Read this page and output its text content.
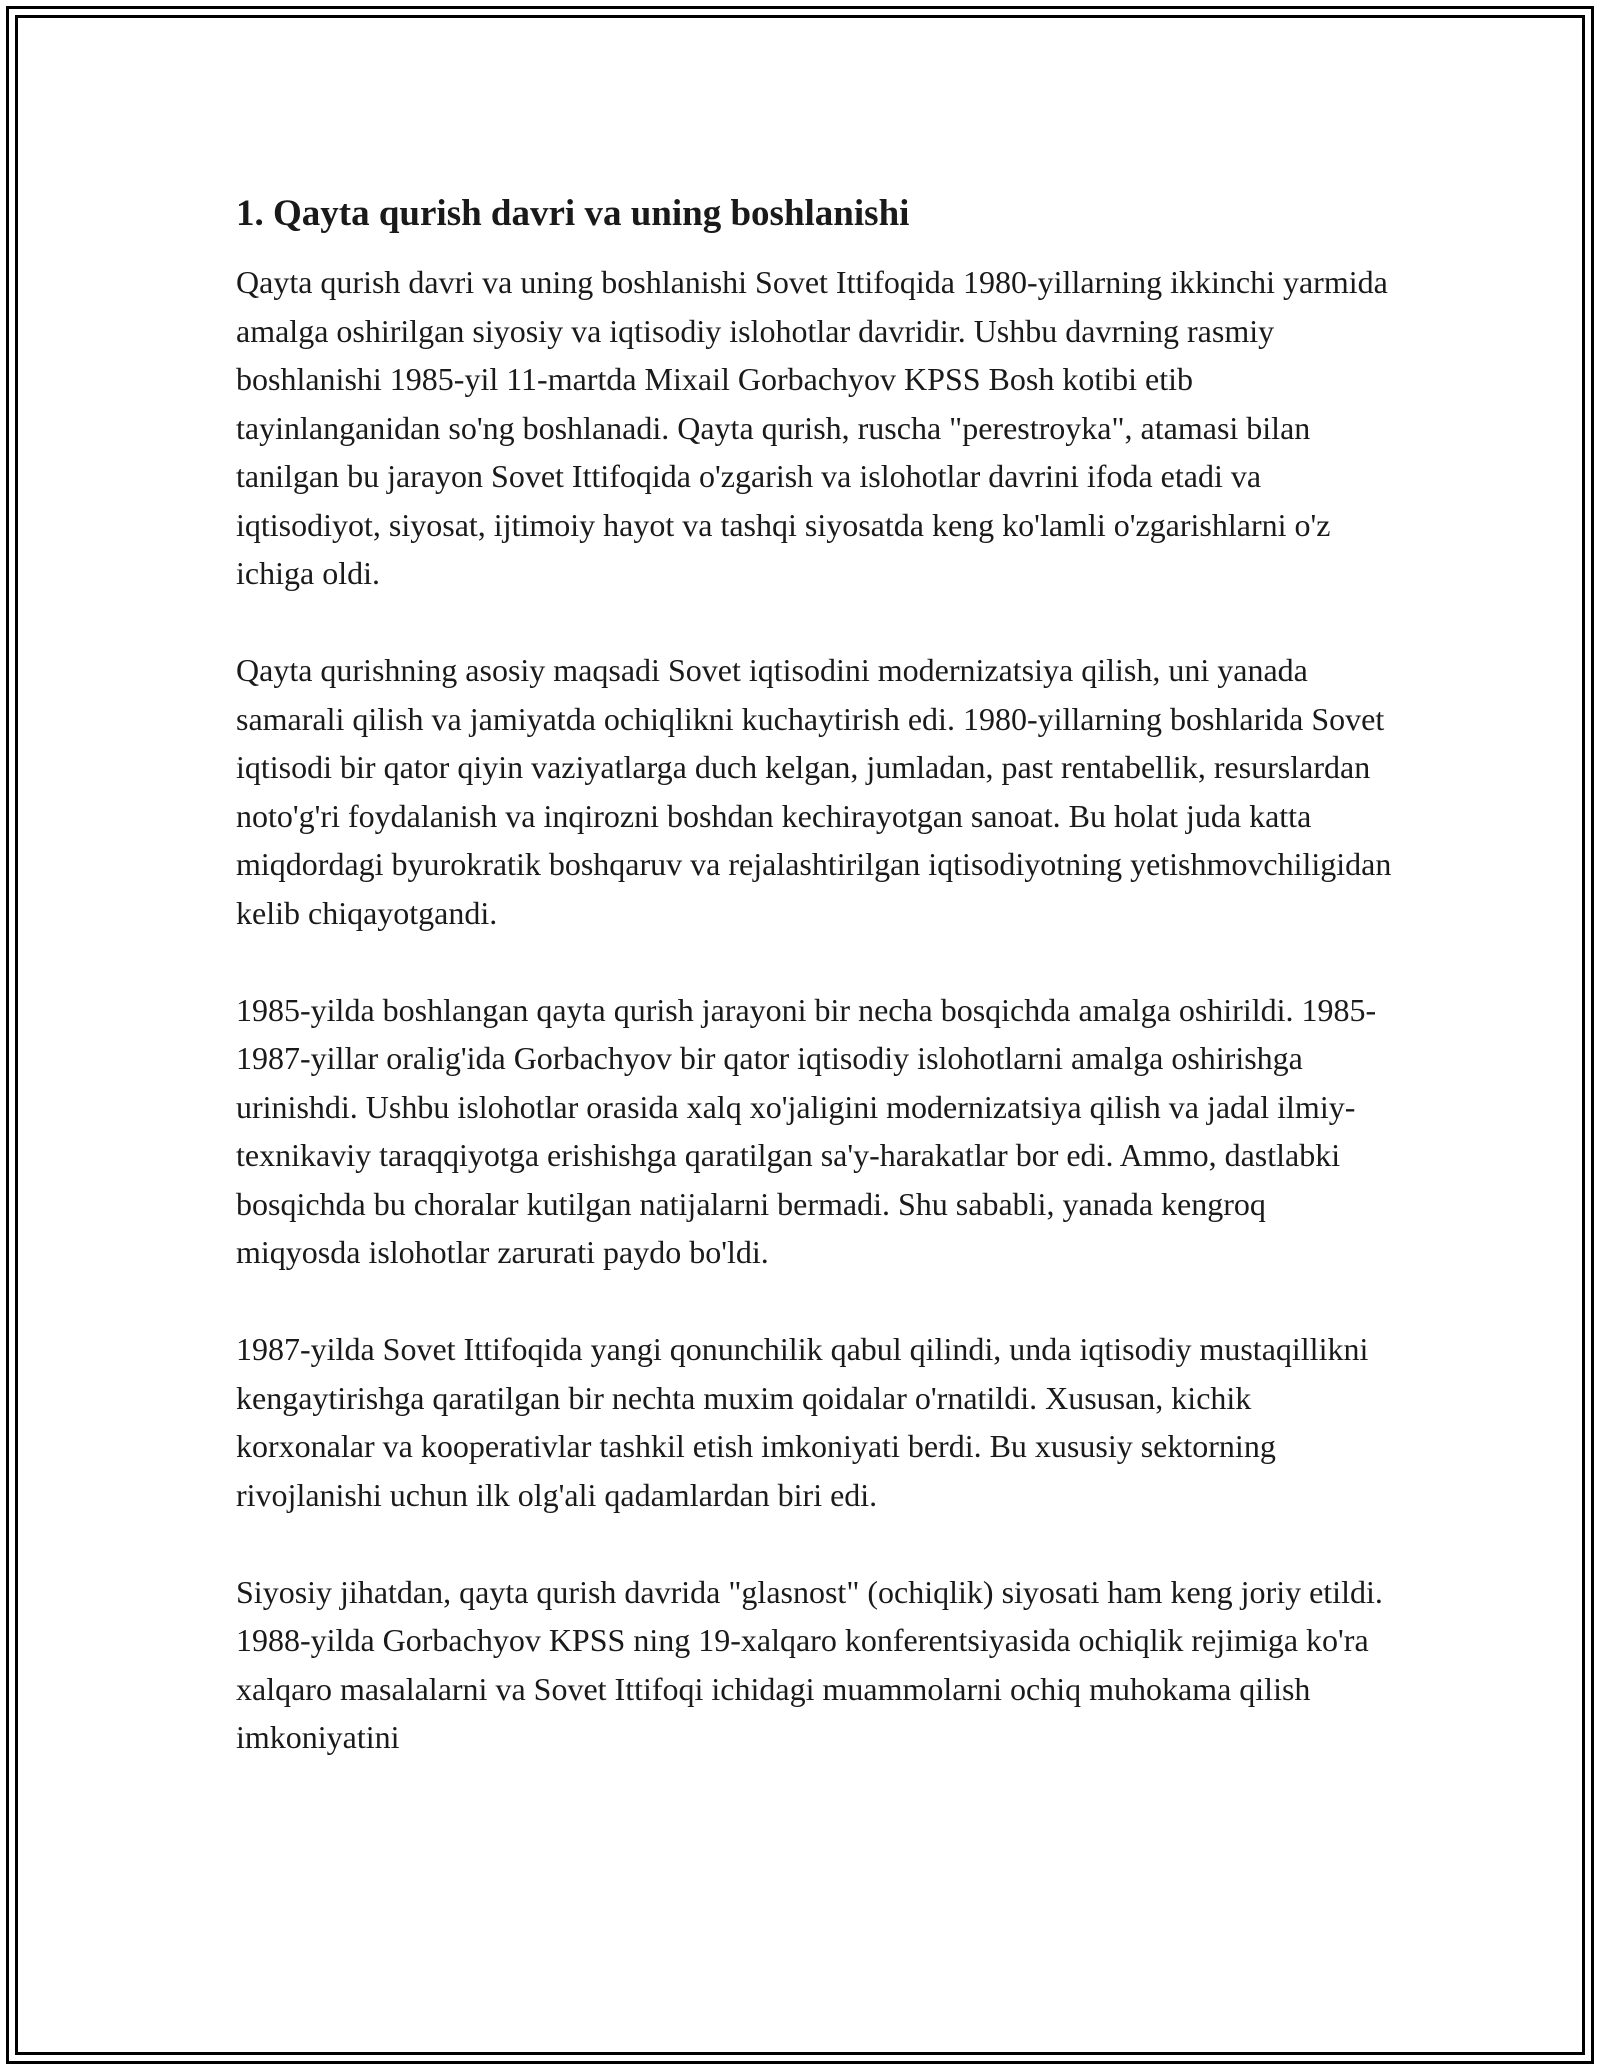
1. Qayta qurish davri va uning boshlanishi

Qayta qurish davri va uning boshlanishi Sovet Ittifoqida 1980-yillarning ikkinchi yarmida amalga oshirilgan siyosiy va iqtisodiy islohotlar davridir. Ushbu davrning rasmiy boshlanishi 1985-yil 11-martda Mixail Gorbachyov KPSS Bosh kotibi etib tayinlanganidan so'ng boshlanadi. Qayta qurish, ruscha "perestroyka", atamasi bilan tanilgan bu jarayon Sovet Ittifoqida o'zgarish va islohotlar davrini ifoda etadi va iqtisodiyot, siyosat, ijtimoiy hayot va tashqi siyosatda keng ko'lamli o'zgarishlarni o'z ichiga oldi.

Qayta qurishning asosiy maqsadi Sovet iqtisodini modernizatsiya qilish, uni yanada samarali qilish va jamiyatda ochiqlikni kuchaytirish edi. 1980-yillarning boshlarida Sovet iqtisodi bir qator qiyin vaziyatlarga duch kelgan, jumladan, past rentabellik, resurslardan noto'g'ri foydalanish va inqirozni boshdan kechirayotgan sanoat. Bu holat juda katta miqdordagi byurokratik boshqaruv va rejalashtirilgan iqtisodiyotning yetishmovchiligidan kelib chiqayotgandi.

1985-yilda boshlangan qayta qurish jarayoni bir necha bosqichda amalga oshirildi. 1985-1987-yillar oralig'ida Gorbachyov bir qator iqtisodiy islohotlarni amalga oshirishga urinishdi. Ushbu islohotlar orasida xalq xo'jaligini modernizatsiya qilish va jadal ilmiy-texnikaviy taraqqiyotga erishishga qaratilgan sa'y-harakatlar bor edi. Ammo, dastlabki bosqichda bu choralar kutilgan natijalarni bermadi. Shu sababli, yanada kengroq miqyosda islohotlar zarurati paydo bo'ldi.

1987-yilda Sovet Ittifoqida yangi qonunchilik qabul qilindi, unda iqtisodiy mustaqillikni kengaytirishga qaratilgan bir nechta muxim qoidalar o'rnatildi. Xususan, kichik korxonalar va kooperativlar tashkil etish imkoniyati berdi. Bu xususiy sektorning rivojlanishi uchun ilk olg'ali qadamlardan biri edi.

Siyosiy jihatdan, qayta qurish davrida "glasnost" (ochiqlik) siyosati ham keng joriy etildi. 1988-yilda Gorbachyov KPSS ning 19-xalqaro konferentsiyasida ochiqlik rejimiga ko'ra xalqaro masalalarni va Sovet Ittifoqi ichidagi muammolarni ochiq muhokama qilish imkoniyatini
